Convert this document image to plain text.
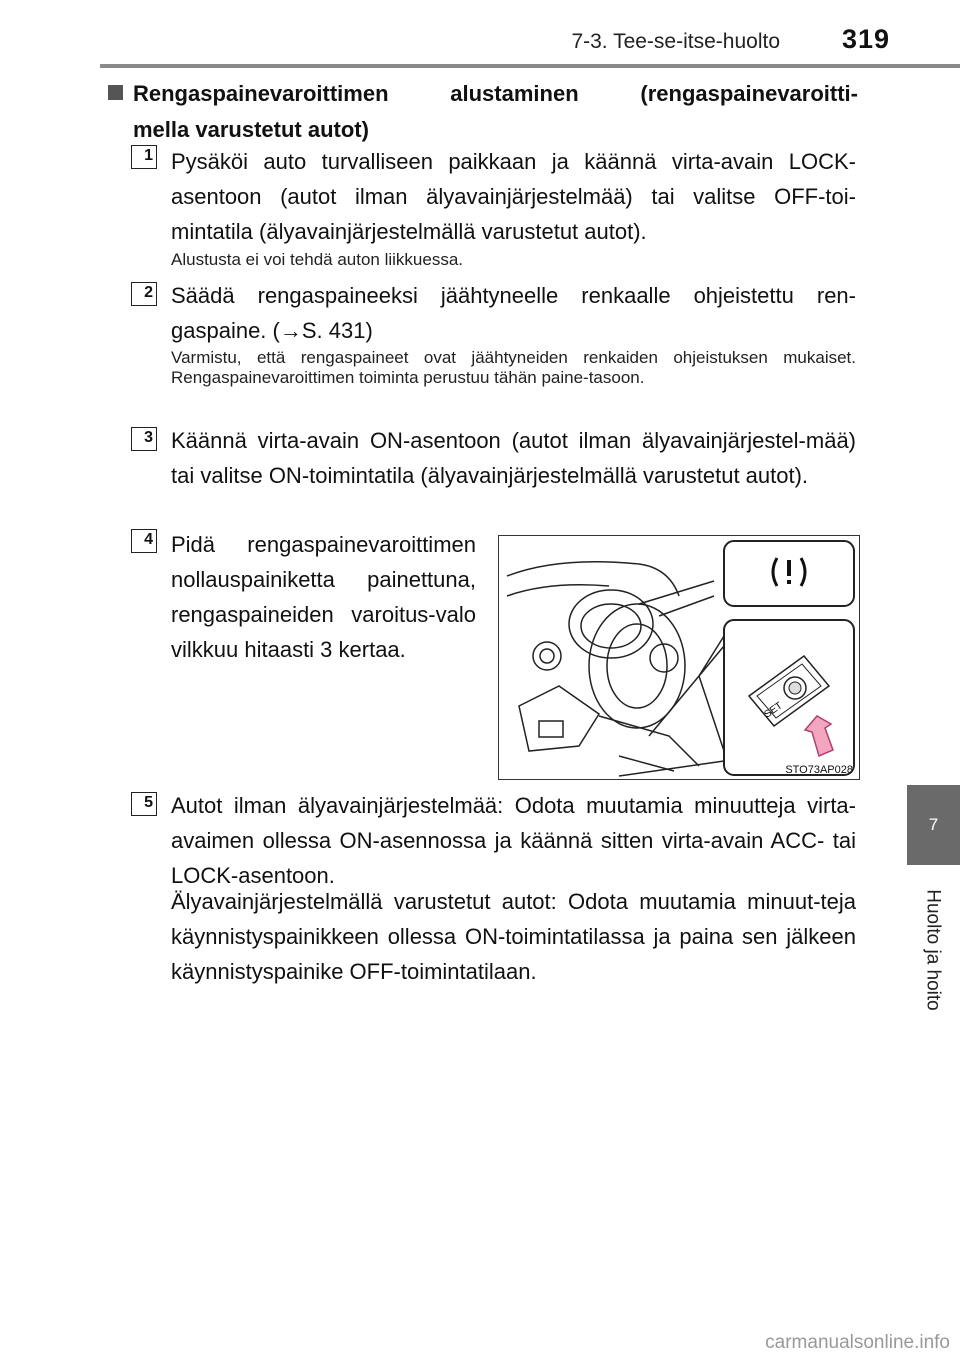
7-3. Tee-se-itse-huolto 319
7
Huolto ja hoito
Rengaspainevaroittimen alustaminen (rengaspainevaroitti-
mella varustetut autot)
1 Pysäköi auto turvalliseen paikkaan ja käännä virta-avain LOCK-asentoon (autot ilman älyavainjärjestelmää) tai valitse OFF-toi-mintatila (älyavainjärjestelmällä varustetut autot).
Alustusta ei voi tehdä auton liikkuessa.
2 Säädä rengaspaineeksi jäähtyneelle renkaalle ohjeistettu ren-gaspaine. (→S. 431)
Varmistu, että rengaspaineet ovat jäähtyneiden renkaiden ohjeistuksen mukaiset. Rengaspainevaroittimen toiminta perustuu tähän paine-tasoon.
3 Käännä virta-avain ON-asentoon (autot ilman älyavainjärjestel-mää) tai valitse ON-toimintatila (älyavainjärjestelmällä varustetut autot).
4 Pidä rengaspainevaroittimen nollauspainiketta painettuna, rengaspaineiden varoitus-valo vilkkuu hitaasti 3 kertaa.
SET
STO73AP028
5 Autot ilman älyavainjärjestelmää: Odota muutamia minuutteja virta-avaimen ollessa ON-asennossa ja käännä sitten virta-avain ACC- tai LOCK-asentoon.
Älyavainjärjestelmällä varustetut autot: Odota muutamia minuut-teja käynnistyspainikkeen ollessa ON-toimintatilassa ja paina sen jälkeen käynnistyspainike OFF-toimintatilaan.
carmanualsonline.info
